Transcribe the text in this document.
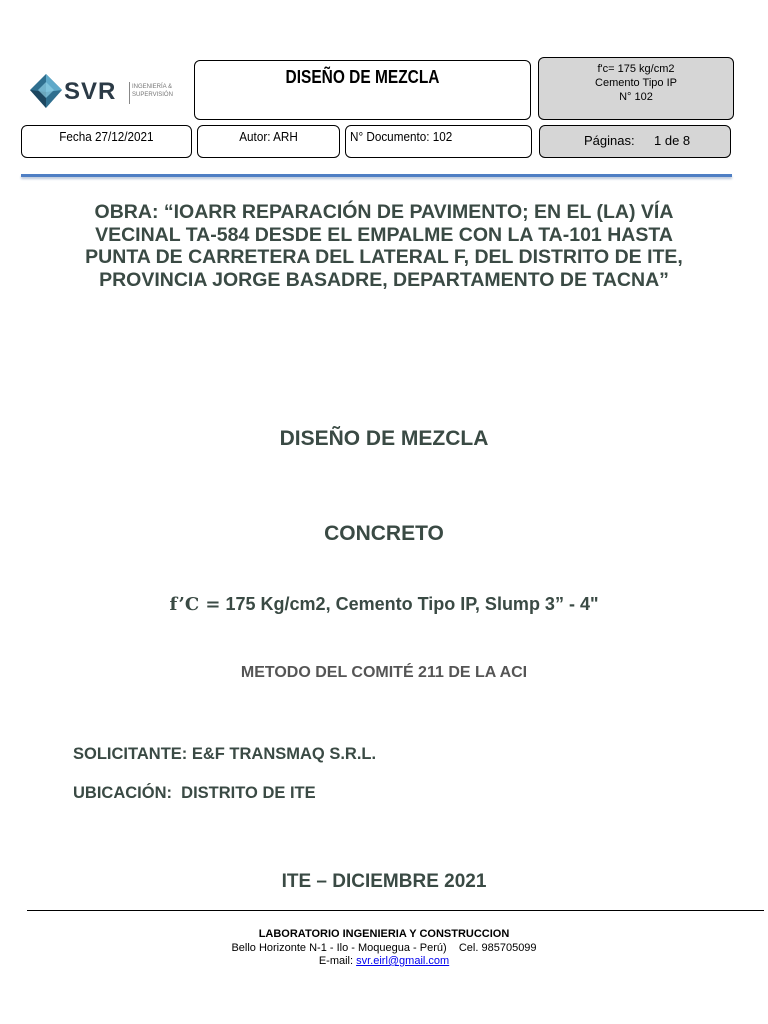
SVR	INGENIERÍA &
SUPERVISIÓN
DISEÑO DE MEZCLA	f'c= 175 kg/cm2
Cemento Tipo IP
N° 102
Fecha 27/12/2021	Autor: ARH	N° Documento: 102	Páginas: 1 de 8
OBRA: “IOARR REPARACIÓN DE PAVIMENTO; EN EL (LA) VÍA VECINAL TA-584 DESDE EL EMPALME CON LA TA-101 HASTA PUNTA DE CARRETERA DEL LATERAL F, DEL DISTRITO DE ITE, PROVINCIA JORGE BASADRE, DEPARTAMENTO DE TACNA”
DISEÑO DE MEZCLA
CONCRETO
f’C = 175 Kg/cm2, Cemento Tipo IP, Slump 3” - 4"
METODO DEL COMITÉ 211 DE LA ACI
SOLICITANTE: E&F TRANSMAQ S.R.L.
UBICACIÓN:  DISTRITO DE ITE
ITE – DICIEMBRE 2021
LABORATORIO INGENIERIA Y CONSTRUCCION
Bello Horizonte N-1 - Ilo - Moquegua - Perú)    Cel. 985705099
E-mail: svr.eirl@gmail.com
